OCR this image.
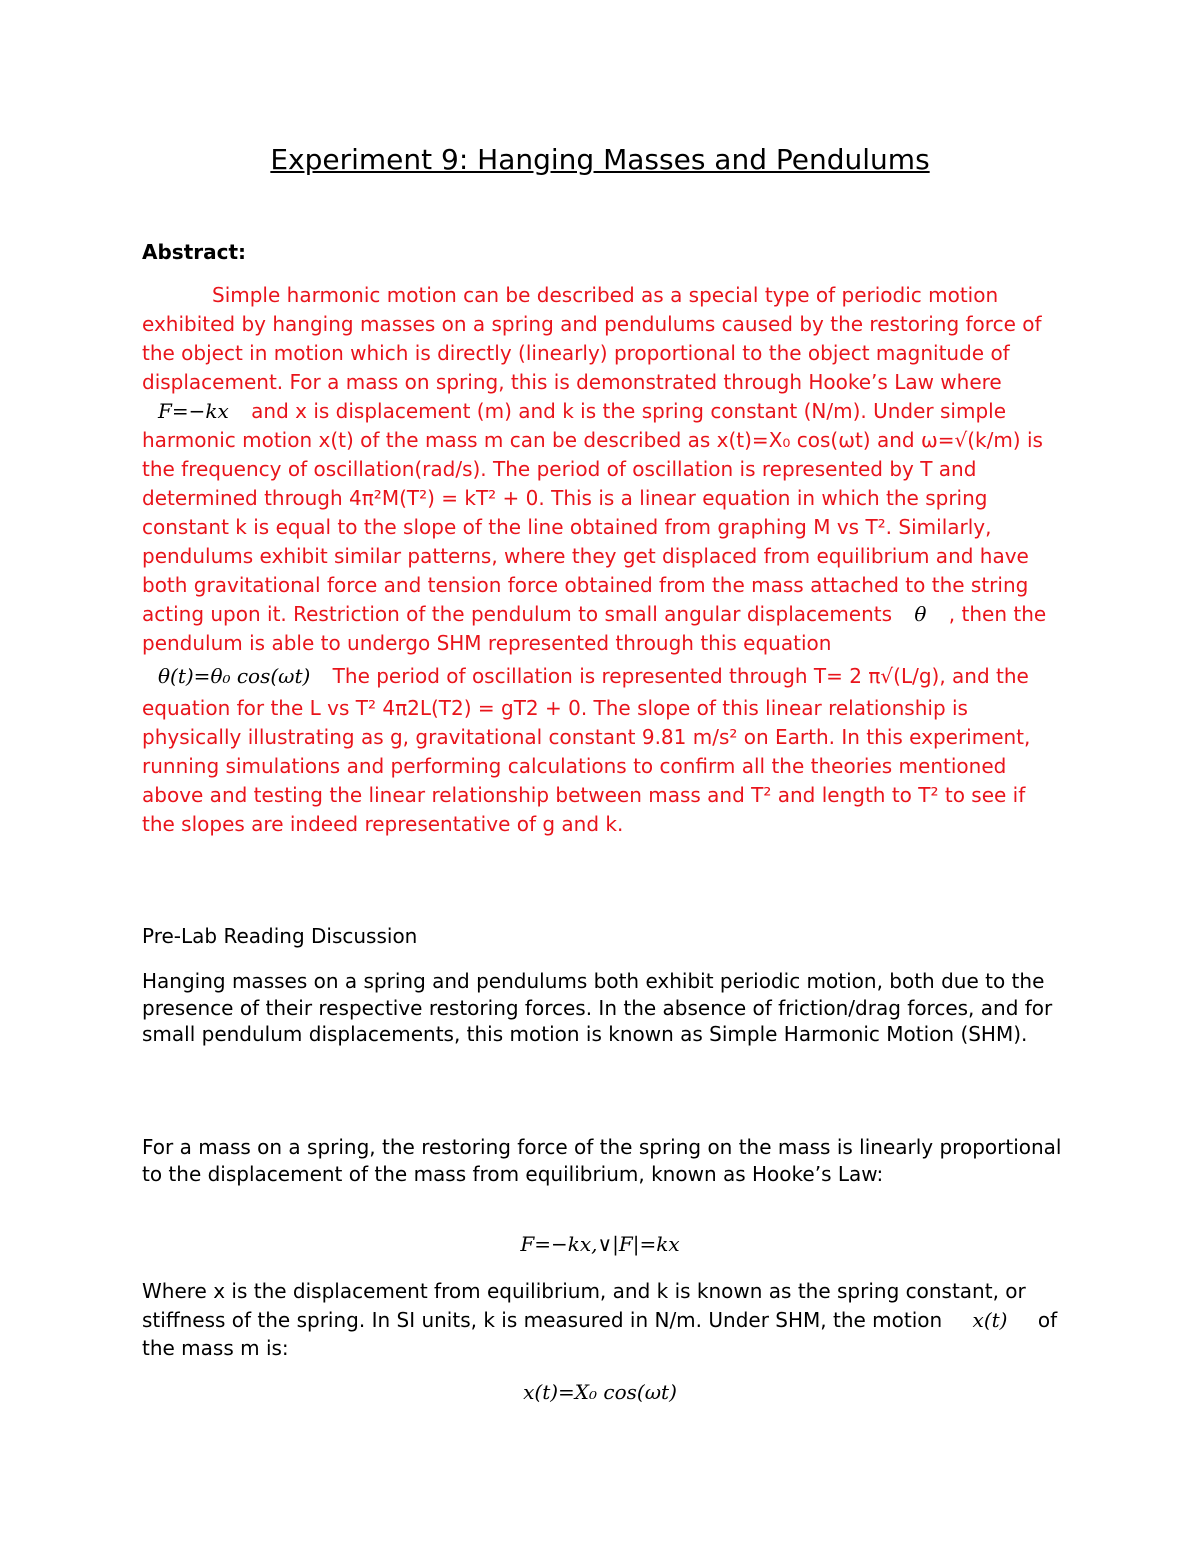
Experiment 9: Hanging Masses and Pendulums
Abstract:
Simple harmonic motion can be described as a special type of periodic motion exhibited by hanging masses on a spring and pendulums caused by the restoring force of the object in motion which is directly (linearly) proportional to the object magnitude of displacement. For a mass on spring, this is demonstrated through Hooke’s Law where F=−kx and x is displacement (m) and k is the spring constant (N/m). Under simple harmonic motion x(t) of the mass m can be described as x(t)=X₀ cos(ωt) and ω=√(k/m) is the frequency of oscillation(rad/s). The period of oscillation is represented by T and determined through 4π²M(T²) = kT² + 0. This is a linear equation in which the spring constant k is equal to the slope of the line obtained from graphing M vs T². Similarly, pendulums exhibit similar patterns, where they get displaced from equilibrium and have both gravitational force and tension force obtained from the mass attached to the string acting upon it. Restriction of the pendulum to small angular displacements θ , then the pendulum is able to undergo SHM represented through this equation
θ(t)=θ₀ cos(ωt) The period of oscillation is represented through T= 2 π√(L/g), and the equation for the L vs T² 4π2L(T2) = gT2 + 0. The slope of this linear relationship is physically illustrating as g, gravitational constant 9.81 m/s² on Earth. In this experiment, running simulations and performing calculations to confirm all the theories mentioned above and testing the linear relationship between mass and T² and length to T² to see if the slopes are indeed representative of g and k.
Pre-Lab Reading Discussion
Hanging masses on a spring and pendulums both exhibit periodic motion, both due to the presence of their respective restoring forces. In the absence of friction/drag forces, and for small pendulum displacements, this motion is known as Simple Harmonic Motion (SHM).
For a mass on a spring, the restoring force of the spring on the mass is linearly proportional to the displacement of the mass from equilibrium, known as Hooke’s Law:
F=−kx,∨|F|=kx
Where x is the displacement from equilibrium, and k is known as the spring constant, or stiffness of the spring. In SI units, k is measured in N/m. Under SHM, the motion x(t) of the mass m is:
x(t)=X₀ cos(ωt)
